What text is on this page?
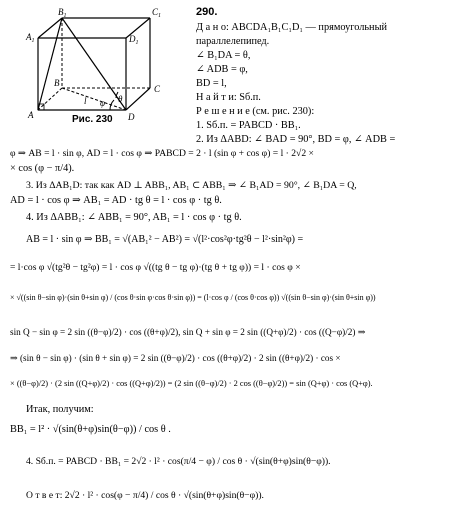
$B_1$	$C_1$
$A_1$	$D_1$
B
C
A	D
φ θ
l
Рис. 230
290.
Д а н о: ABCDA₁B₁C₁D₁ — прямоугольный
параллелепипед.
∠ B₁DA = θ,
∠ ADB = φ,
BD = l,
Н а й т и: Sб.п.
Р е ш е н и е (см. рис. 230):
1. Sб.п. = PABCD · BB₁.
2. Из ΔABD: ∠ BAD = 90°, BD = φ, ∠ ADB =
φ ⇒ AB = l · sin φ, AD = l · cos φ ⇒ PABCD = 2 · l (sin φ + cos φ) = l · 2√2 ×
× cos (φ − π/4).
3. Из ΔAB₁D: так как AD ⊥ ABB₁, AB₁ ⊂ ABB₁ ⇒ ∠ B₁AD = 90°, ∠ B₁DA = Q,
AD = l · cos φ ⇒ AB₁ = AD · tg θ = l · cos φ · tg θ.
4. Из ΔABB₁: ∠ ABB₁ = 90°, AB₁ = l · cos φ · tg θ.
AB = l · sin φ ⇒ BB₁ = √(AB₁² − AB²) = √(l²·cos²φ·tg²θ − l²·sin²φ) =
= l·cos φ √(tg²θ − tg²φ) = l · cos φ √((tg θ − tg φ)·(tg θ + tg φ)) = l · cos φ ×
× √((sin θ−sin φ)·(sin θ+sin φ) / (cos θ·sin φ·cos θ·sin φ)) = (l·cos φ / (cos θ·cos φ)) √((sin θ−sin φ)·(sin θ+sin φ))
sin Q − sin φ = 2 sin ((θ−φ)/2) · cos ((θ+φ)/2), sin Q + sin φ = 2 sin ((Q+φ)/2) · cos ((Q−φ)/2) ⇒
⇒ (sin θ − sin φ) · (sin θ + sin φ) = 2 sin ((θ−φ)/2) · cos ((θ+φ)/2) · 2 sin ((θ+φ)/2) · cos ×
× ((θ−φ)/2) · (2 sin ((Q+φ)/2) · cos ((Q+φ)/2)) = (2 sin ((θ−φ)/2) · 2 cos ((θ−φ)/2)) = sin (Q+φ) · cos (Q+φ).
Итак, получим:
BB₁ = l² · √(sin(θ+φ)sin(θ−φ)) / cos θ .
4. Sб.п. = PABCD · BB₁ = 2√2 · l² · cos(π/4 − φ) / cos θ · √(sin(θ+φ)sin(θ−φ)).
О т в е т: 2√2 · l² · cos(φ − π/4) / cos θ · √(sin(θ+φ)sin(θ−φ)).
